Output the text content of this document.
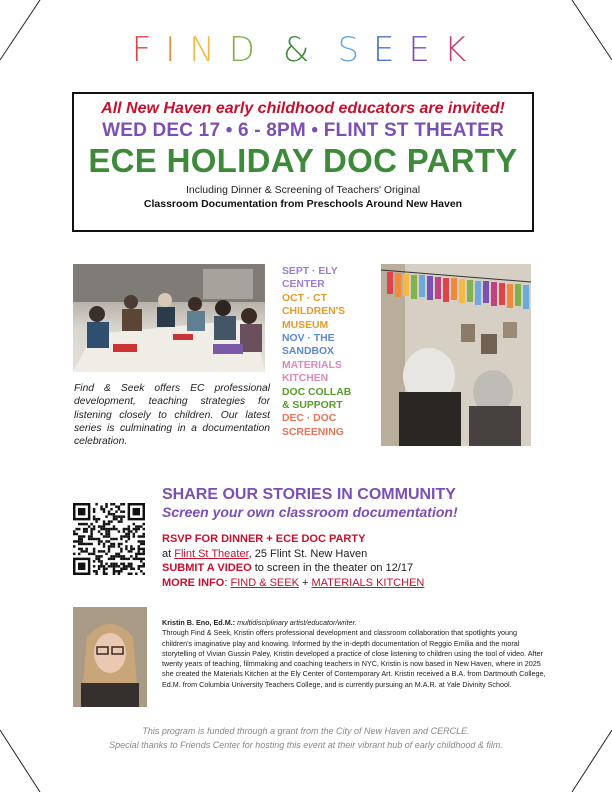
FIND & SEEK
All New Haven early childhood educators are invited!
WED DEC 17 • 6 - 8PM • FLINT ST THEATER
ECE HOLIDAY DOC PARTY
Including Dinner & Screening of Teachers' Original
Classroom Documentation from Preschools Around New Haven
Find & Seek offers EC professional development, teaching strategies for listening closely to children. Our latest series is culminating in a documentation celebration.
SEPT · ELY
CENTER
OCT · CT
CHILDREN'S
MUSEUM
NOV · THE
SANDBOX
MATERIALS
KITCHEN
DOC COLLAB
& SUPPORT
DEC · DOC
SCREENING
SHARE OUR STORIES IN COMMUNITY
Screen your own classroom documentation!
RSVP FOR DINNER + ECE DOC PARTY
at Flint St Theater, 25 Flint St. New Haven
SUBMIT A VIDEO to screen in the theater on 12/17
MORE INFO: FIND & SEEK + MATERIALS KITCHEN
Kristin B. Eno, Ed.M.: multidisciplinary artist/educator/writer.
Through Find & Seek, Kristin offers professional development and classroom collaboration that spotlights young children's imaginative play and knowing. Informed by the in-depth documentation of Reggio Emilia and the moral storytelling of Vivian Gussin Paley, Kristin developed a practice of close listening to children using the tool of video. After twenty years of teaching, filmmaking and coaching teachers in NYC, Kristin is now based in New Haven, where in 2025 she created the Materials Kitchen at the Ely Center of Contemporary Art. Kristin received a B.A. from Dartmouth College, Ed.M. from Columbia University Teachers College, and is currently pursuing an M.A.R. at Yale Divinity School.
This program is funded through a grant from the City of New Haven and CERCLE.
Special thanks to Friends Center for hosting this event at their vibrant hub of early childhood & film.
